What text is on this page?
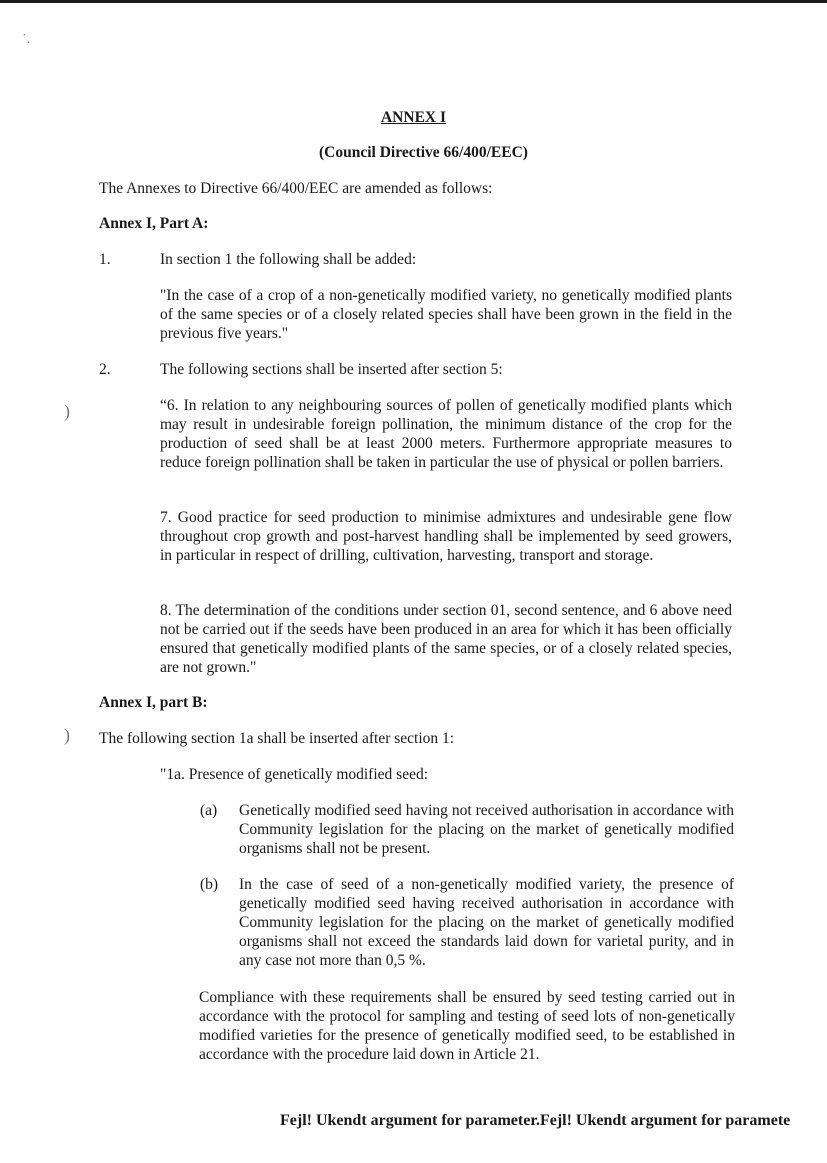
˙.
)
)
ANNEX I
(Council Directive 66/400/EEC)

The Annexes to Directive 66/400/EEC are amended as follows:

Annex I, Part A:

1.	In section 1 the following shall be added:

"In the case of a crop of a non-genetically modified variety, no genetically modified plants of the same species or of a closely related species shall have been grown in the field in the previous five years."

2.	The following sections shall be inserted after section 5:

“6. In relation to any neighbouring sources of pollen of genetically modified plants which may result in undesirable foreign pollination, the minimum distance of the crop for the production of seed shall be at least 2000 meters. Furthermore appropriate measures to reduce foreign pollination shall be taken in particular the use of physical or pollen barriers.

7. Good practice for seed production to minimise admixtures and undesirable gene flow throughout crop growth and post-harvest handling shall be implemented by seed growers, in particular in respect of drilling, cultivation, harvesting, transport and storage.

8. The determination of the conditions under section 01, second sentence, and 6 above need not be carried out if the seeds have been produced in an area for which it has been officially ensured that genetically modified plants of the same species, or of a closely related species, are not grown."

Annex I, part B:

The following section 1a shall be inserted after section 1:

"1a. Presence of genetically modified seed:

(a) Genetically modified seed having not received authorisation in accordance with Community legislation for the placing on the market of genetically modified organisms shall not be present.

(b) In the case of seed of a non-genetically modified variety, the presence of genetically modified seed having received authorisation in accordance with Community legislation for the placing on the market of genetically modified organisms shall not exceed the standards laid down for varietal purity, and in any case not more than 0,5 %.

Compliance with these requirements shall be ensured by seed testing carried out in accordance with the protocol for sampling and testing of seed lots of non-genetically modified varieties for the presence of genetically modified seed, to be established in accordance with the procedure laid down in Article 21.

Fejl! Ukendt argument for parameter.Fejl! Ukendt argument for paramete
